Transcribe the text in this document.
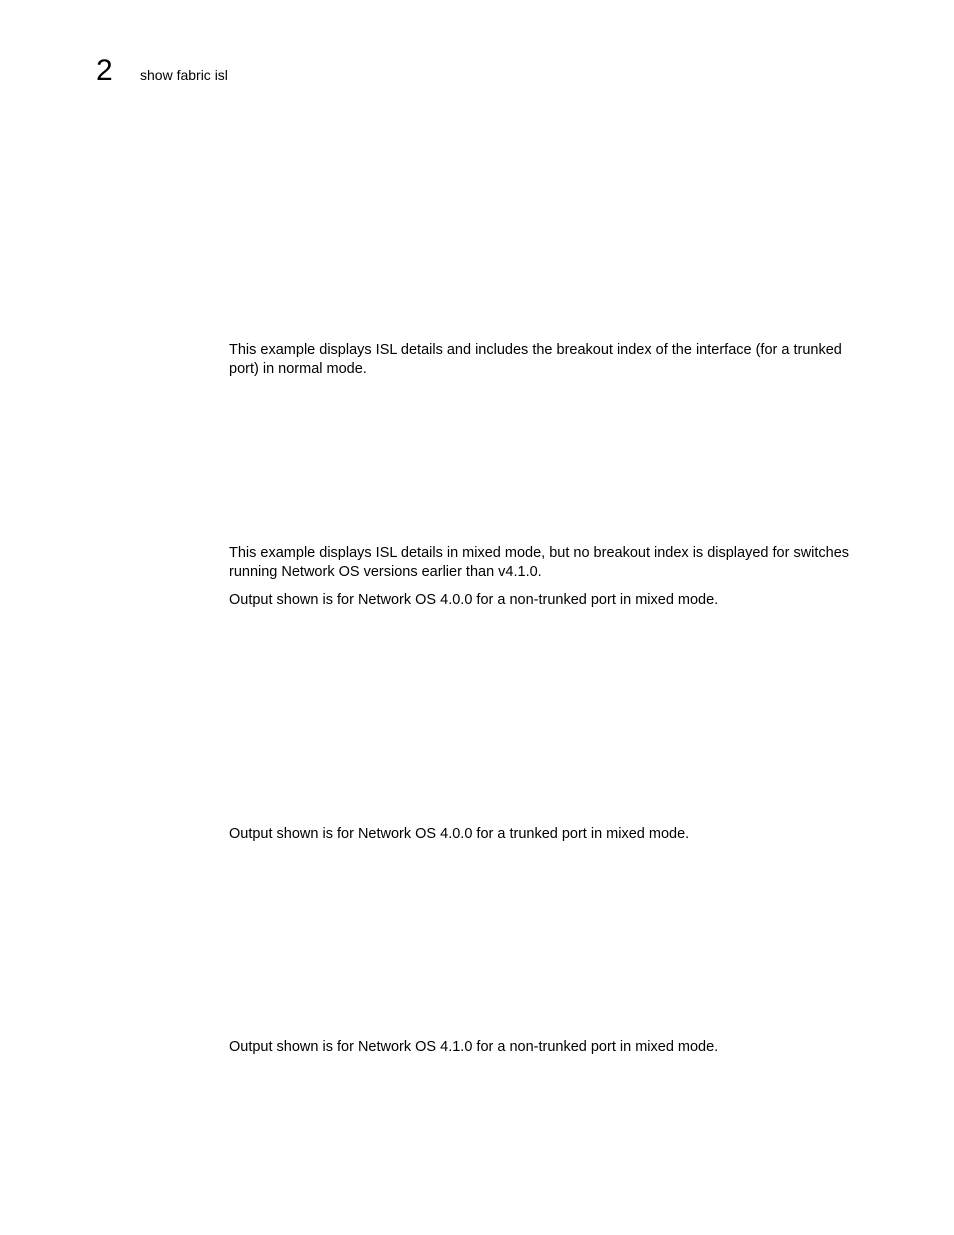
2 show fabric isl

This example displays ISL details and includes the breakout index of the interface (for a trunked port) in normal mode.

This example displays ISL details in mixed mode, but no breakout index is displayed for switches running Network OS versions earlier than v4.1.0.

Output shown is for Network OS 4.0.0 for a non-trunked port in mixed mode.

Output shown is for Network OS 4.0.0 for a trunked port in mixed mode.

Output shown is for Network OS 4.1.0 for a non-trunked port in mixed mode.
